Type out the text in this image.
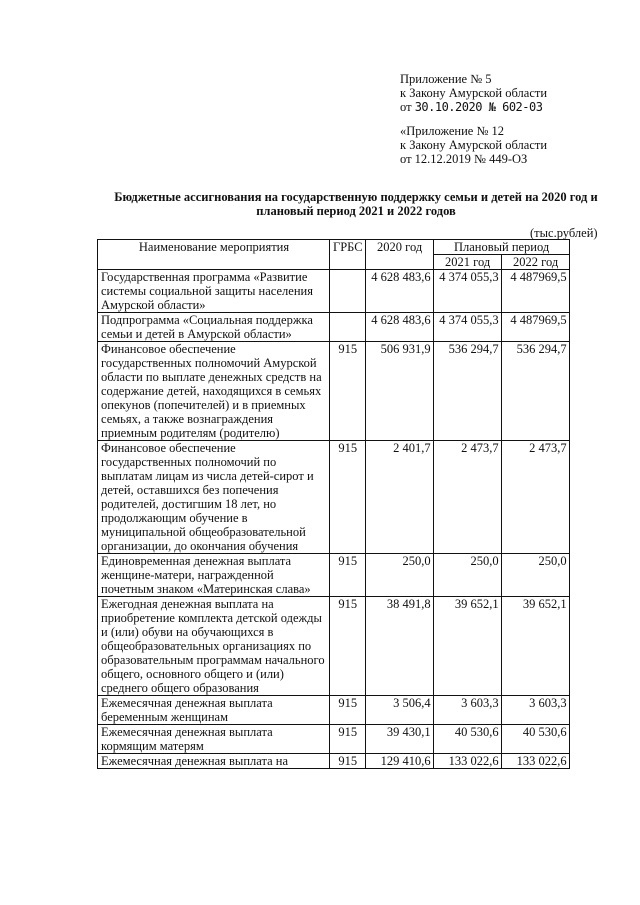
Приложение № 5
к Закону Амурской области
от 30.10.2020 № 602-03
«Приложение № 12
к Закону Амурской области
от 12.12.2019 № 449-ОЗ
Бюджетные ассигнования на государственную поддержку семьи и детей на 2020 год и плановый период 2021 и 2022 годов
(тыс.рублей)
Наименование мероприятия	ГРБС	2020 год	Плановый период	
			2021 год	2022 год
Государственная программа «Развитие системы социальной защиты населения Амурской области»		4 628 483,6	4 374 055,3	4 487969,5
Подпрограмма «Социальная поддержка семьи и детей в Амурской области»		4 628 483,6	4 374 055,3	4 487969,5
Финансовое обеспечение государственных полномочий Амурской области по выплате денежных средств на содержание детей, находящихся в семьях опекунов (попечителей) и в приемных семьях, а также вознаграждения приемным родителям (родителю)	915	506 931,9	536 294,7	536 294,7
Финансовое обеспечение государственных полномочий по выплатам лицам из числа детей-сирот и детей, оставшихся без попечения родителей, достигшим 18 лет, но продолжающим обучение в муниципальной общеобразовательной организации, до окончания обучения	915	2 401,7	2 473,7	2 473,7
Единовременная денежная выплата женщине-матери, награжденной почетным знаком «Материнская слава»	915	250,0	250,0	250,0
Ежегодная денежная выплата на приобретение комплекта детской одежды и (или) обуви на обучающихся в общеобразовательных организациях по образовательным программам начального общего, основного общего и (или) среднего общего образования	915	38 491,8	39 652,1	39 652,1
Ежемесячная денежная выплата беременным женщинам	915	3 506,4	3 603,3	3 603,3
Ежемесячная денежная выплата кормящим матерям	915	39 430,1	40 530,6	40 530,6
Ежемесячная денежная выплата на	915	129 410,6	133 022,6	133 022,6
